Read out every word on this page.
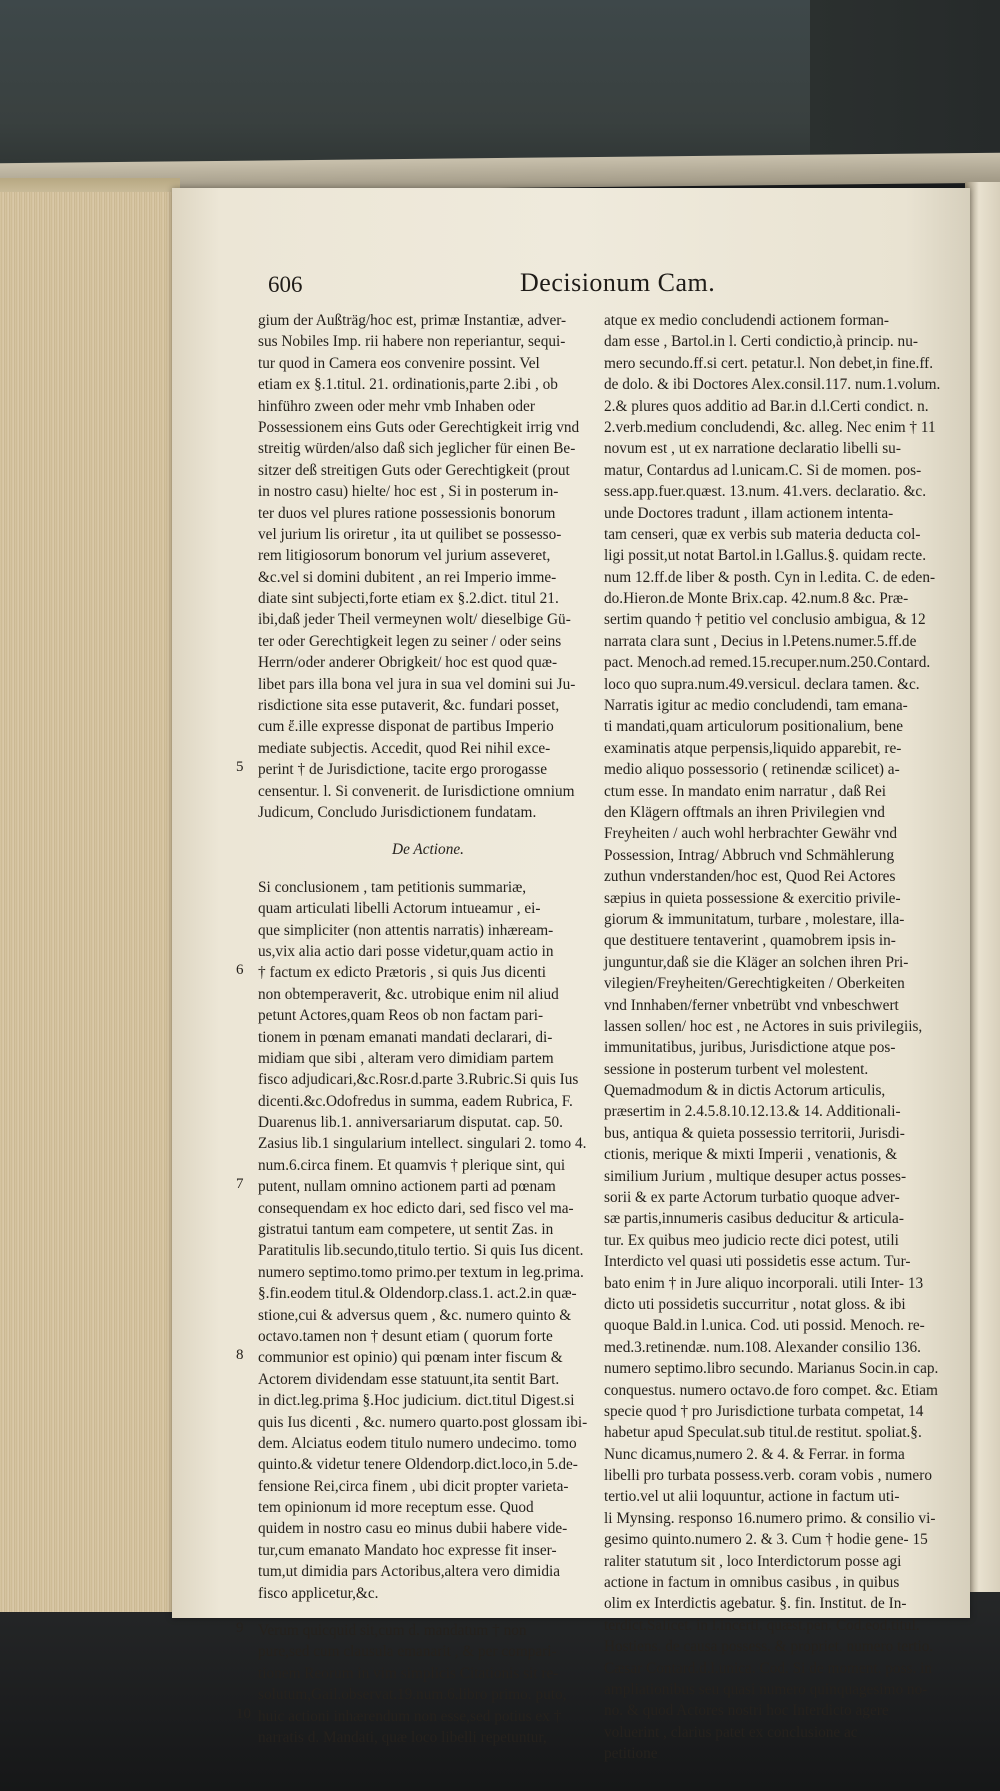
606	Decisionum Cam.
gium der Außträg/hoc est, primæ Instantiæ, adver-
sus Nobiles Imp. rii habere non reperiantur, sequi-
tur quod in Camera eos convenire possint. Vel
etiam ex §.1.titul. 21. ordinationis,parte 2.ibi , ob
hinführo zween oder mehr vmb Inhaben oder
Possessionem eins Guts oder Gerechtigkeit irrig vnd
streitig würden/also daß sich jeglicher für einen Be-
sitzer deß streitigen Guts oder Gerechtigkeit (prout
in nostro casu) hielte/ hoc est , Si in posterum in-
ter duos vel plures ratione possessionis bonorum
vel jurium lis oriretur , ita ut quilibet se possesso-
rem litigiosorum bonorum vel jurium asseveret,
&c.vel si domini dubitent , an rei Imperio imme-
diate sint subjecti,forte etiam ex §.2.dict. titul 21.
ibi,daß jeder Theil vermeynen wolt/ dieselbige Gü-
ter oder Gerechtigkeit legen zu seiner / oder seins
Herrn/oder anderer Obrigkeit/ hoc est quod quæ-
libet pars illa bona vel jura in sua vel domini sui Ju-
risdictione sita esse putaverit, &c. fundari posset,
cum ἔ.ille expresse disponat de partibus Imperio
mediate subjectis. Accedit, quod Rei nihil exce-
perint † de Jurisdictione, tacite ergo prorogasse
censentur. l. Si convenerit. de Iurisdictione omnium
Judicum, Concludo Jurisdictionem fundatam.
De Actione.
Si conclusionem , tam petitionis summariæ,
quam articulati libelli Actorum intueamur , ei-
que simpliciter (non attentis narratis) inhæream-
us,vix alia actio dari posse videtur,quam actio in
† factum ex edicto Prætoris , si quis Jus dicenti
non obtemperaverit, &c. utrobique enim nil aliud
petunt Actores,quam Reos ob non factam pari-
tionem in pœnam emanati mandati declarari, di-
midiam que sibi , alteram vero dimidiam partem
fisco adjudicari,&c.Rosr.d.parte 3.Rubric.Si quis Ius
dicenti.&c.Odofredus in summa, eadem Rubrica, F.
Duarenus lib.1. anniversariarum disputat. cap. 50.
Zasius lib.1 singularium intellect. singulari 2. tomo 4.
num.6.circa finem. Et quamvis † plerique sint, qui
putent, nullam omnino actionem parti ad pœnam
consequendam ex hoc edicto dari, sed fisco vel ma-
gistratui tantum eam competere, ut sentit Zas. in
Paratitulis lib.secundo,titulo tertio. Si quis Ius dicent.
numero septimo.tomo primo.per textum in leg.prima.
§.fin.eodem titul.& Oldendorp.class.1. act.2.in quæ-
stione,cui & adversus quem , &c. numero quinto &
octavo.tamen non † desunt etiam ( quorum forte
communior est opinio) qui pœnam inter fiscum &
Actorem dividendam esse statuunt,ita sentit Bart.
in dict.leg.prima §.Hoc judicium. dict.titul Digest.si
quis Ius dicenti , &c. numero quarto.post glossam ibi-
dem. Alciatus eodem titulo numero undecimo. tomo
quinto.& videtur tenere Oldendorp.dict.loco,in 5.de-
fensione Rei,circa finem , ubi dicit propter varieta-
tem opinionum id more receptum esse. Quod
quidem in nostro casu eo minus dubii habere vide-
tur,cum emanato Mandato hoc expresse fit inser-
tum,ut dimidia pars Actoribus,altera vero dimidia
fisco applicetur,&c.
Verum quicquid sit,cum d. mandatum † non
pure,sed cum clausula emanarit , & per compari-
tionem Reorum in vim simplicis Citationis sit re-
solutum,Gail.observat.19.num.6.libro primo. puto,
huic actioni inhærendum non esse,sed potius ex †
narratis d. Mandati, quæ loco libelli repetuntur,
atque ex medio concludendi actionem forman-
dam esse , Bartol.in l. Certi condictio,à princip. nu-
mero secundo.ff.si cert. petatur.l. Non debet,in fine.ff.
de dolo. & ibi Doctores Alex.consil.117. num.1.volum.
2.& plures quos additio ad Bar.in d.l.Certi condict. n.
2.verb.medium concludendi, &c. alleg. Nec enim † 11
novum est , ut ex narratione declaratio libelli su-
matur, Contardus ad l.unicam.C. Si de momen. pos-
sess.app.fuer.quæst. 13.num. 41.vers. declaratio. &c.
unde Doctores tradunt , illam actionem intenta-
tam censeri, quæ ex verbis sub materia deducta col-
ligi possit,ut notat Bartol.in l.Gallus.§. quidam recte.
num 12.ff.de liber & posth. Cyn in l.edita. C. de eden-
do.Hieron.de Monte Brix.cap. 42.num.8 &c. Præ-
sertim quando † petitio vel conclusio ambigua, & 12
narrata clara sunt , Decius in l.Petens.numer.5.ff.de
pact. Menoch.ad remed.15.recuper.num.250.Contard.
loco quo supra.num.49.versicul. declara tamen. &c.
Narratis igitur ac medio concludendi, tam emana-
ti mandati,quam articulorum positionalium, bene
examinatis atque perpensis,liquido apparebit, re-
medio aliquo possessorio ( retinendæ scilicet) a-
ctum esse. In mandato enim narratur , daß Rei
den Klägern offtmals an ihren Privilegien vnd
Freyheiten / auch wohl herbrachter Gewähr vnd
Possession, Intrag/ Abbruch vnd Schmählerung
zuthun vnderstanden/hoc est, Quod Rei Actores
sæpius in quieta possessione & exercitio privile-
giorum & immunitatum, turbare , molestare, illa-
que destituere tentaverint , quamobrem ipsis in-
junguntur,daß sie die Kläger an solchen ihren Pri-
vilegien/Freyheiten/Gerechtigkeiten / Oberkeiten
vnd Innhaben/ferner vnbetrübt vnd vnbeschwert
lassen sollen/ hoc est , ne Actores in suis privilegiis,
immunitatibus, juribus, Jurisdictione atque pos-
sessione in posterum turbent vel molestent.
Quemadmodum & in dictis Actorum articulis,
præsertim in 2.4.5.8.10.12.13.& 14. Additionali-
bus, antiqua & quieta possessio territorii, Jurisdi-
ctionis, merique & mixti Imperii , venationis, &
similium Jurium , multique desuper actus posses-
sorii & ex parte Actorum turbatio quoque adver-
sæ partis,innumeris casibus deducitur & articula-
tur. Ex quibus meo judicio recte dici potest, utili
Interdicto vel quasi uti possidetis esse actum. Tur-
bato enim † in Jure aliquo incorporali. utili Inter- 13
dicto uti possidetis succurritur , notat gloss. & ibi
quoque Bald.in l.unica. Cod. uti possid. Menoch. re-
med.3.retinendæ. num.108. Alexander consilio 136.
numero septimo.libro secundo. Marianus Socin.in cap.
conquestus. numero octavo.de foro compet. &c. Etiam
specie quod † pro Jurisdictione turbata competat, 14
habetur apud Speculat.sub titul.de restitut. spoliat.§.
Nunc dicamus,numero 2. & 4. & Ferrar. in forma
libelli pro turbata possess.verb. coram vobis , numero
tertio.vel ut alii loquuntur, actione in factum uti-
li Mynsing. responso 16.numero primo. & consilio vi-
gesimo quinto.numero 2. & 3. Cum † hodie gene- 15
raliter statutum sit , loco Interdictorum posse agi
actione in factum in omnibus casibus , in quibus
olim ex Interdictis agebatur. §. fin. Institut. de In-
terdict.Salicet. in l.incerti. quæst.pen. Cod.eod.titul.
Hostiens. de causa possess. & propriet. numero tertio.
Cæsar Contard.d.l.unica. Cod. Si de moment. poss. in
ampliationibus seu quasi numero quinquagesimo no-
no. & quod Actores nostri hoc Interdicto agere
voluerint , clarius patet ex conclusione ac
petitione
5
6
7
8
9
10
